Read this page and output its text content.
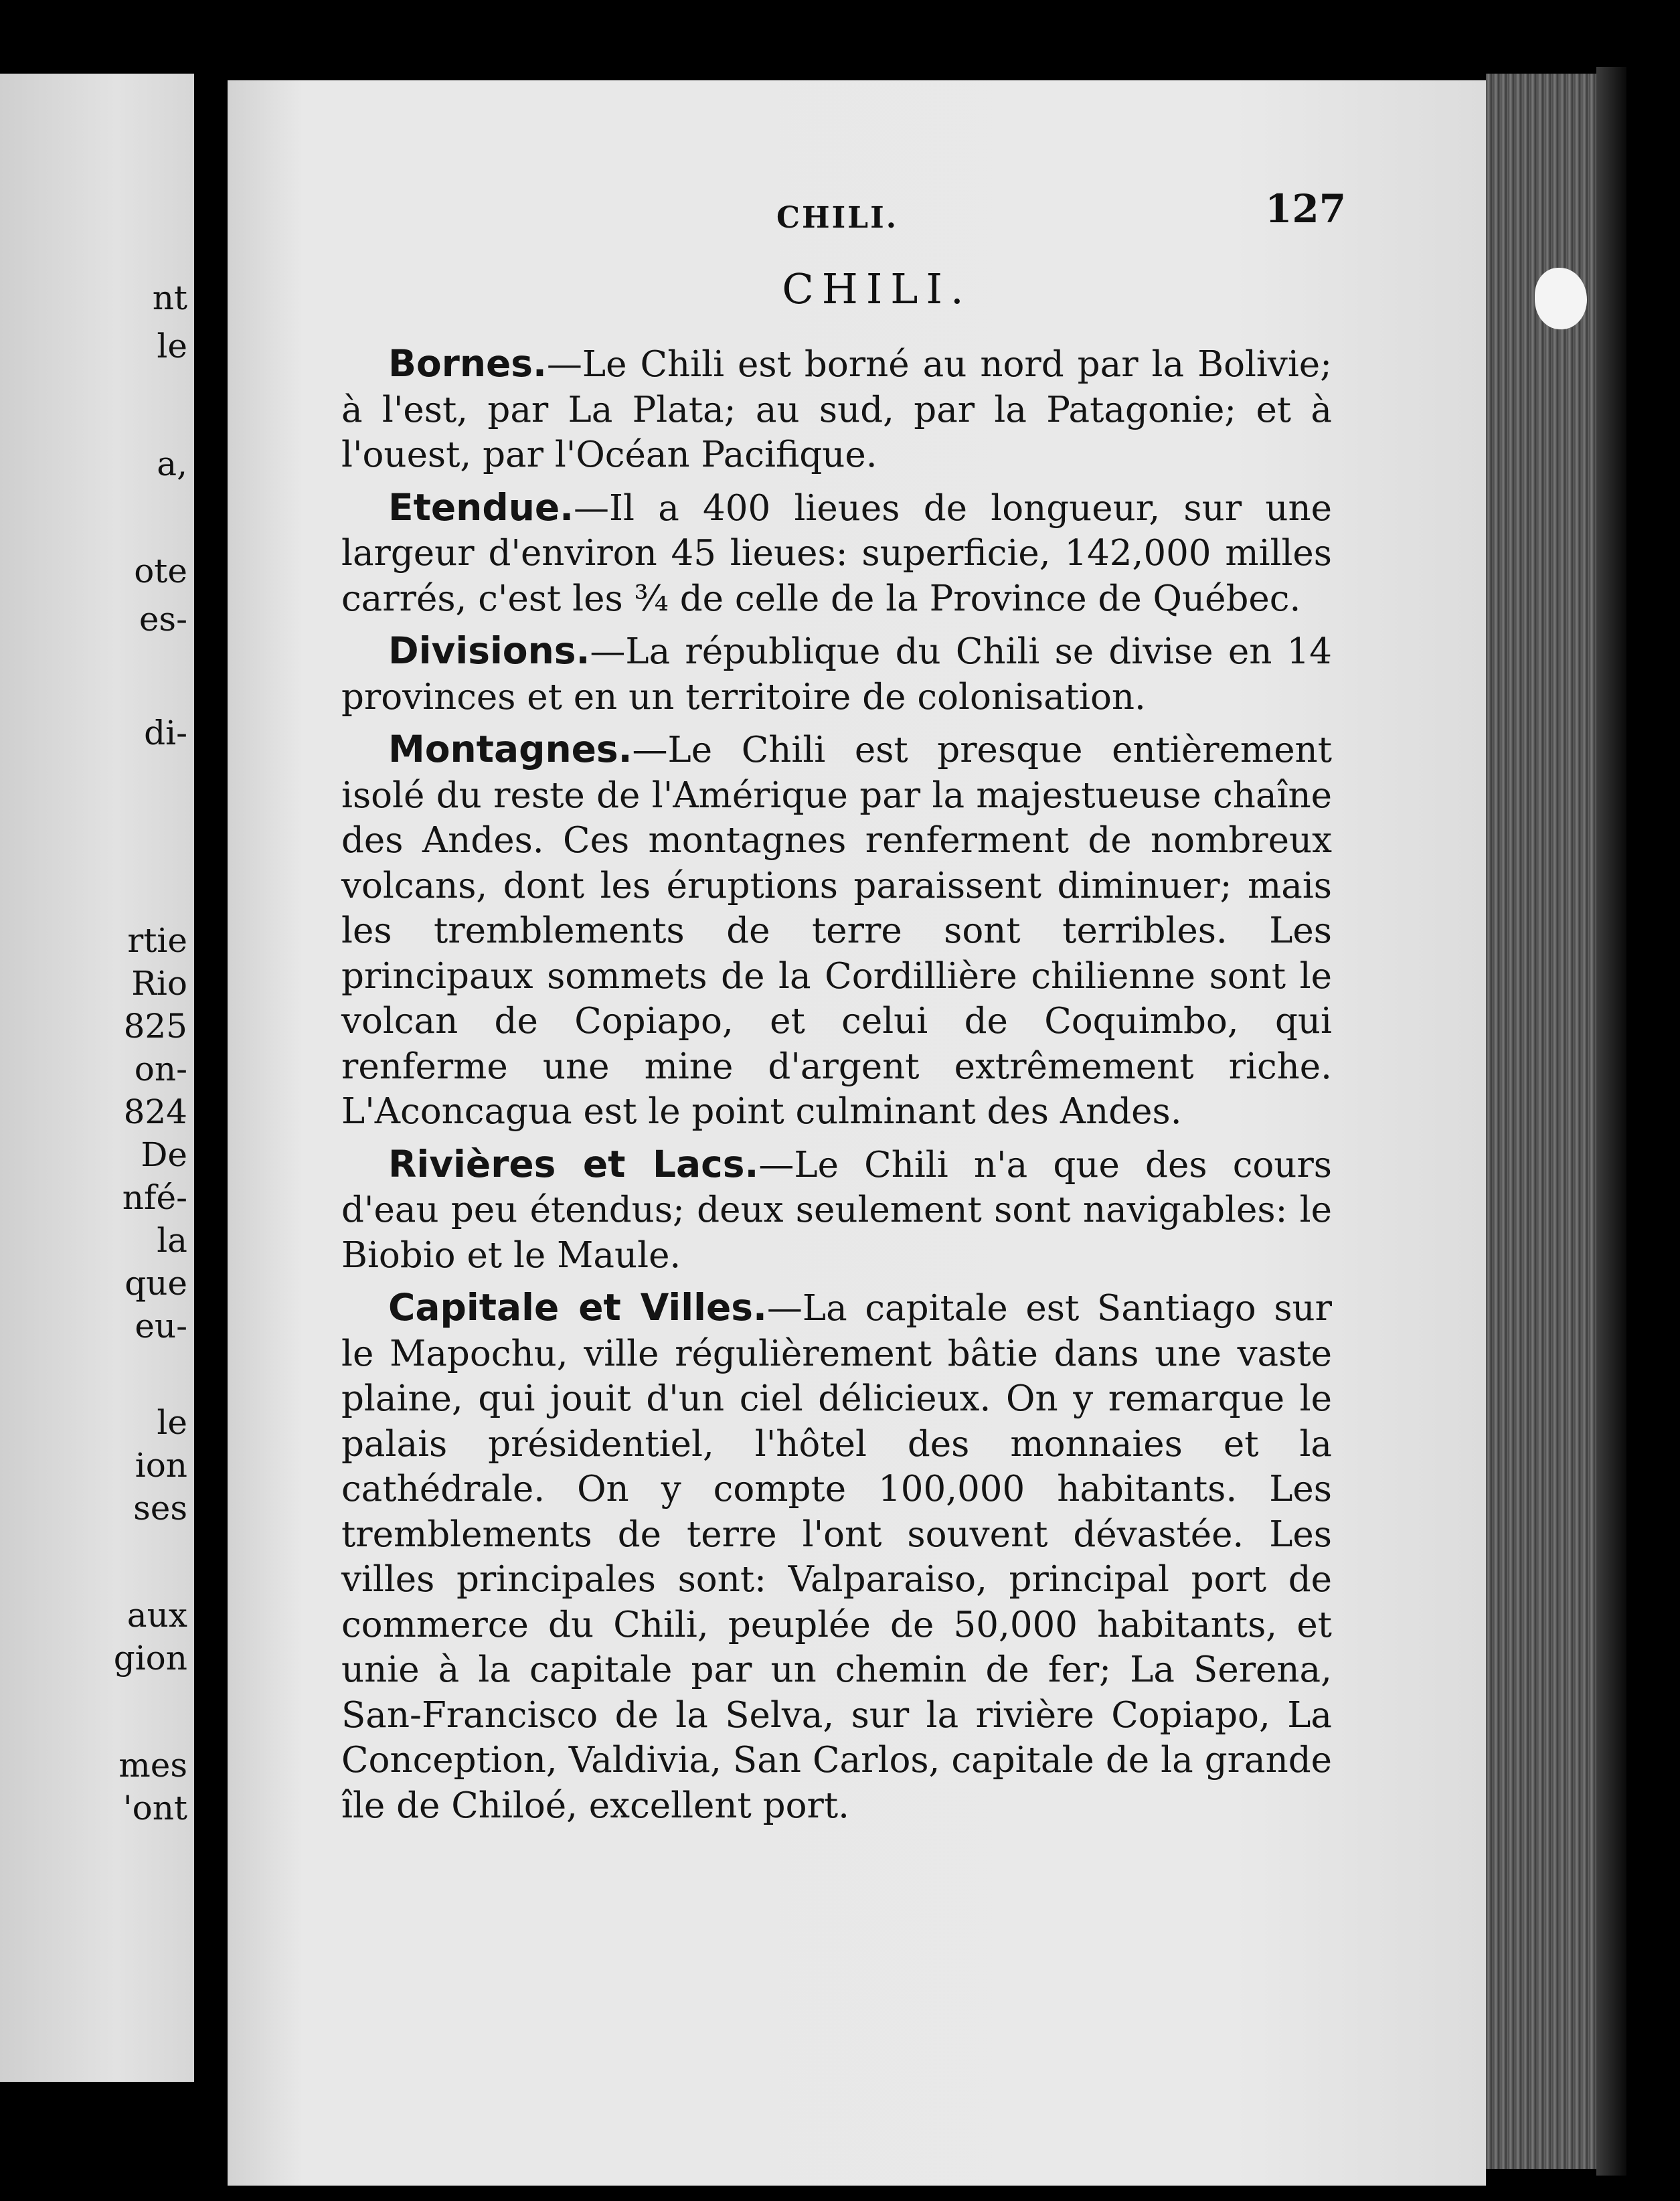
CHILI.	127
CHILI.

Bornes.—Le Chili est borné au nord par la Bolivie; à l'est, par La Plata; au sud, par la Patagonie; et à l'ouest, par l'Océan Pacifique.

Etendue.—Il a 400 lieues de longueur, sur une largeur d'environ 45 lieues: superficie, 142,000 milles carrés, c'est les ¾ de celle de la Province de Québec.

Divisions.—La république du Chili se divise en 14 provinces et en un territoire de colonisation.

Montagnes.—Le Chili est presque entièrement isolé du reste de l'Amérique par la majestueuse chaîne des Andes. Ces montagnes renferment de nombreux volcans, dont les éruptions paraissent diminuer; mais les tremblements de terre sont terribles. Les principaux sommets de la Cordillière chilienne sont le volcan de Copiapo, et celui de Coquimbo, qui renferme une mine d'argent extrêmement riche. L'Aconcagua est le point culminant des Andes.

Rivières et Lacs.—Le Chili n'a que des cours d'eau peu étendus; deux seulement sont navigables: le Biobio et le Maule.

Capitale et Villes.—La capitale est Santiago sur le Mapochu, ville régulièrement bâtie dans une vaste plaine, qui jouit d'un ciel délicieux. On y remarque le palais présidentiel, l'hôtel des monnaies et la cathédrale. On y compte 100,000 habitants. Les tremblements de terre l'ont souvent dévastée. Les villes principales sont: Valparaiso, principal port de commerce du Chili, peuplée de 50,000 habitants, et unie à la capitale par un chemin de fer; La Serena, San-Francisco de la Selva, sur la rivière Copiapo, La Conception, Valdivia, San Carlos, capitale de la grande île de Chiloé, excellent port.

nt
le
a,
ote
es-
di-
rtie
Rio
825
on-
824
De
nfé-
la
que
eu-
le
ion
ses
aux
gion
mes
'ont
